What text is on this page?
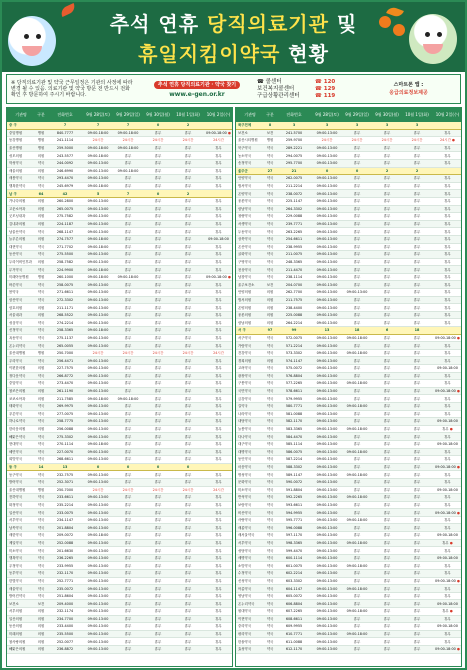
추석 연휴 당직의료기관 및
휴일지킴이약국 현황
※ 당직의료기관 및 약국 근무일정은 기관의 사정에 따라 변경 될 수 있음. 의료기관 및 약국 방문 전 반드시 전화 확인 후 방문하여 주시기 바랍니다.
추석 연휴 당직의료기관 · 약국 찾기
www.e-gen.or.kr
☎ 콜센터	☎ 120
보건복지콜센터	☎ 129
구급상황관리센터	☎ 119
스마트폰 앱 :
응급의료정보제공
기관명	구분	전화번호	9월 28일(토)	9월 29일(일)	9월 30일(월)	10월 1일(화)	10월 2일(수)
중 구	7	7	7	0	2
중앙병원	병원	840-7777	09:00-18:00	09:00-18:00	휴무	휴무	09:00-18:00 ●
동강병원	병원	241-1114	24시간	24시간	24시간	24시간	24시간
울산병원	병원	259-5000	09:00-18:00	09:00-18:00	휴무	휴무	휴무
성모의원	의원	243-5577	09:00-18:00	휴무	휴무	휴무	휴무
학성약국	약국	244-0092	09:00-13:00	휴무	휴무	휴무	휴무
새울의원	의원	246-6990	09:00-13:00	09:00-18:00	휴무	휴무	휴무
새봄약국	약국	293-4470	09:00-13:00	휴무	휴무	휴무	휴무
행복한약국	약국	245-6979	09:00-18:00	휴무	휴무	휴무	휴무
남 구	64	42	5	7	0	2
가나다의원	의원	260-2800	09:00-13:00	휴무	휴무	휴무	휴무
고운소아과	의원	265-0075	09:00-13:00	휴무	휴무	휴무	휴무
굿모닝내과	의원	275-7582	09:00-13:00	휴무	휴무	휴무	휴무
김내과의원	의원	224-1187	09:00-13:00	휴무	휴무	휴무	휴무
남울산약국	약국	268-1147	09:00-13:00	휴무	휴무	휴무	휴무
늘푸른의원	의원	274-7577	09:00-18:00	휴무	휴무	휴무	09:00-18:00
대현약국	약국	271-7702	09:00-18:00	휴무	휴무	휴무	휴무
동산약국	약국	275-5500	09:00-13:00	휴무	휴무	휴무	휴무
두리이비인후과	의원	258-7582	09:00-13:00	휴무	휴무	휴무	휴무
무거약국	약국	224-9900	09:00-18:00	휴무	휴무	휴무	휴무
미래아동병원	병원	260-1000	09:00-18:00	09:00-18:00	휴무	휴무	09:00-18:00 ●
바른약국	약국	258-0075	09:00-13:00	휴무	휴무	휴무	휴무
봄약국	약국	271-6611	09:00-13:00	휴무	휴무	휴무	휴무
삼산약국	약국	272-3302	09:00-13:00	휴무	휴무	휴무	휴무
삼호의원	의원	211-1171	09:00-13:00	휴무	휴무	휴무	휴무
서울내과	의원	268-5522	09:00-13:00	휴무	휴무	휴무	휴무
성심약국	약국	274-2214	09:00-13:00	휴무	휴무	휴무	휴무
신정약국	약국	258-3365	09:00-18:00	휴무	휴무	휴무	휴무
옥동약국	약국	275-1137	09:00-13:00	휴무	휴무	휴무	휴무
온누리약국	약국	265-0055	09:00-13:00	휴무	휴무	휴무	휴무
울산대병원	병원	250-7000	24시간	24시간	24시간	24시간	24시간
우리약국	약국	256-4471	09:00-13:00	휴무	휴무	휴무	휴무
이편한의원	의원	227-7575	09:00-13:00	휴무	휴무	휴무	휴무
정다운약국	약국	266-8772	09:00-13:00	휴무	휴무	휴무	휴무
중앙약국	약국	273-4470	09:00-13:00	휴무	휴무	휴무	휴무
참조은의원	의원	261-1190	09:00-13:00	휴무	휴무	휴무	휴무
코코소아과	의원	211-7585	09:00-18:00	09:00-18:00	휴무	휴무	휴무
태화약국	약국	269-9975	09:00-13:00	휴무	휴무	휴무	휴무
푸른약국	약국	277-0075	09:00-13:00	휴무	휴무	휴무	휴무
하나로약국	약국	258-7775	09:00-13:00	휴무	휴무	휴무	휴무
한마음의원	의원	256-0088	09:00-13:00	휴무	휴무	휴무	휴무
해맑은약국	약국	275-3302	09:00-13:00	휴무	휴무	휴무	휴무
현대약국	약국	270-1114	09:00-18:00	휴무	휴무	휴무	휴무
혜민약국	약국	227-0070	09:00-13:00	휴무	휴무	휴무	휴무
희망약국	약국	268-6611	09:00-13:00	휴무	휴무	휴무	휴무
동 구	14	13	0	0	0	0
동구약국	약국	232-7575	09:00-13:00	휴무	휴무	휴무	휴무
방어약국	약국	252-3071	09:00-13:00	휴무	휴무	휴무	휴무
울산대병원	병원	250-7000	24시간	24시간	24시간	24시간	24시간
전하약국	약국	233-6611	09:00-13:00	휴무	휴무	휴무	휴무
화정약국	약국	235-2214	09:00-13:00	휴무	휴무	휴무	휴무
일산약국	약국	233-0075	09:00-13:00	휴무	휴무	휴무	휴무
서부약국	약국	234-1147	09:00-13:00	휴무	휴무	휴무	휴무
남목약국	약국	201-8804	09:00-13:00	휴무	휴무	휴무	휴무
새한약국	약국	209-0072	09:00-18:00	휴무	휴무	휴무	휴무
제일약국	약국	252-0088	09:00-13:00	휴무	휴무	휴무	휴무
미소약국	약국	201-6630	09:00-13:00	휴무	휴무	휴무	휴무
행복약국	약국	236-2265	09:00-13:00	휴무	휴무	휴무	휴무
우정약국	약국	233-9955	09:00-13:00	휴무	휴무	휴무	휴무
동부약국	약국	232-1170	09:00-13:00	휴무	휴무	휴무	휴무
한빛약국	약국	252-7771	09:00-13:00	휴무	휴무	휴무	휴무
새울약국	약국	235-0072	09:00-13:00	휴무	휴무	휴무	휴무
방어진약국	약국	251-8604	09:00-13:00	휴무	휴무	휴무	휴무
보건소	보건	209-4000	09:00-13:00	휴무	휴무	휴무	휴무
서부의원	의원	232-1174	09:00-13:00	휴무	휴무	휴무	휴무
일산의원	의원	234-7700	09:00-13:00	휴무	휴무	휴무	휴무
동산의원	의원	233-4400	09:00-13:00	휴무	휴무	휴무	휴무
미래의원	의원	235-5500	09:00-13:00	휴무	휴무	휴무	휴무
참사랑의원	의원	252-0077	09:00-13:00	휴무	휴무	휴무	휴무
해맑은의원	의원	236-8872	09:00-13:00	휴무	휴무	휴무	휴무
기관명	구분	전화번호	9월 28일(토)	9월 29일(일)	9월 30일(월)	10월 1일(화)	10월 2일(수)
북구전체	8	3	3	3	3	3
보건소	보건	241-5700	09:00-13:00	휴무	휴무	휴무	휴무
울산시티병원	병원	259-9700	24시간	24시간	24시간	24시간	24시간 ●
북구약국	약국	289-2221	09:00-13:00	휴무	휴무	휴무	휴무
농소약국	약국	294-0075	09:00-13:00	휴무	휴무	휴무	휴무
송정약국	약국	295-7700	09:00-13:00	휴무	휴무	휴무	휴무
울주군	27	21	0	0	2	2
언양약국	약국	262-0075	09:00-13:00	휴무	휴무	휴무	휴무
범서약국	약국	211-2214	09:00-13:00	휴무	휴무	휴무	휴무
온양약국	약국	238-0072	09:00-13:00	휴무	휴무	휴무	휴무
웅촌약국	약국	225-1147	09:00-13:00	휴무	휴무	휴무	휴무
삼남약국	약국	264-3302	09:00-13:00	휴무	휴무	휴무	휴무
청량약국	약국	229-0088	09:00-13:00	휴무	휴무	휴무	휴무
서생약국	약국	239-7771	09:00-13:00	휴무	휴무	휴무	휴무
두동약국	약국	263-2265	09:00-13:00	휴무	휴무	휴무	휴무
상북약국	약국	254-6611	09:00-13:00	휴무	휴무	휴무	휴무
온산약국	약국	238-9955	09:00-13:00	휴무	휴무	휴무	휴무
굴화약국	약국	211-0075	09:00-13:00	휴무	휴무	휴무	휴무
구영약국	약국	248-3365	09:00-13:00	휴무	휴무	휴무	휴무
천상약국	약국	211-4470	09:00-13:00	휴무	휴무	휴무	휴무
남창약국	약국	238-1114	09:00-13:00	휴무	휴무	휴무	휴무
울주보건소	보건	204-0700	09:00-13:00	휴무	휴무	휴무	휴무
언양의원	의원	262-7700	09:00-13:00	09:00-13:00	휴무	휴무	휴무
범서의원	의원	211-7575	09:00-13:00	휴무	휴무	휴무	휴무
온양의원	의원	238-4400	09:00-13:00	휴무	휴무	휴무	휴무
웅촌의원	의원	225-0088	09:00-13:00	휴무	휴무	휴무	휴무
삼남의원	의원	264-2214	09:00-13:00	휴무	휴무	휴무	휴무
서 구	97	99	13	18	6	18
서구약국	약국	572-0075	09:00-13:00	09:00-18:00	휴무	휴무	09:00-18:00 ●
가람약국	약국	571-2214	09:00-13:00	휴무	휴무	휴무	휴무
건강약국	약국	573-3302	09:00-13:00	09:00-18:00	휴무	휴무	휴무
경희의원	의원	574-1147	09:00-13:00	휴무	휴무	휴무	휴무
고려약국	약국	575-0072	09:00-13:00	휴무	휴무	휴무	09:00-18:00
광장약국	약국	576-8804	09:00-13:00	휴무	휴무	휴무	휴무
구봉약국	약국	577-2265	09:00-13:00	09:00-18:00	휴무	휴무	휴무
국민약국	약국	578-6611	09:00-13:00	휴무	휴무	휴무	09:00-18:00 ●
금강약국	약국	579-9955	09:00-13:00	휴무	휴무	휴무	휴무
길약국	약국	580-7771	09:00-13:00	09:00-18:00	휴무	휴무	휴무
나라약국	약국	581-0088	09:00-13:00	휴무	휴무	휴무	휴무
내당약국	약국	582-1170	09:00-13:00	휴무	휴무	휴무	09:00-18:00
늘봄약국	약국	583-3365	09:00-13:00	09:00-18:00	휴무	휴무	휴무 ●
다나약국	약국	584-4470	09:00-13:00	휴무	휴무	휴무	휴무
대구약국	약국	585-1114	09:00-13:00	휴무	휴무	휴무	09:00-18:00
대명약국	약국	586-0075	09:00-13:00	09:00-18:00	휴무	휴무	휴무
동인약국	약국	587-2214	09:00-13:00	휴무	휴무	휴무	휴무
마음약국	약국	588-3302	09:00-13:00	휴무	휴무	휴무	09:00-18:00 ●
명성약국	약국	589-1147	09:00-13:00	09:00-18:00	휴무	휴무	휴무
문화약국	약국	590-0072	09:00-13:00	휴무	휴무	휴무	휴무
미소약국	약국	591-8804	09:00-13:00	휴무	휴무	휴무	09:00-18:00
반석약국	약국	592-2265	09:00-13:00	09:00-18:00	휴무	휴무	휴무
보람약국	약국	593-6611	09:00-13:00	휴무	휴무	휴무	휴무
비산약국	약국	594-9955	09:00-13:00	휴무	휴무	휴무	09:00-18:00 ●
사랑약국	약국	595-7771	09:00-13:00	09:00-18:00	휴무	휴무	휴무
새롬약국	약국	596-0088	09:00-13:00	휴무	휴무	휴무	휴무
새서울약국	약국	597-1170	09:00-13:00	휴무	휴무	휴무	09:00-18:00
서부약국	약국	598-3365	09:00-13:00	09:00-18:00	휴무	휴무	휴무 ●
성당약국	약국	599-4470	09:00-13:00	휴무	휴무	휴무	휴무
세명약국	약국	600-1114	09:00-13:00	휴무	휴무	휴무	09:00-18:00
소망약국	약국	601-0075	09:00-13:00	09:00-18:00	휴무	휴무	휴무
수정약국	약국	602-2214	09:00-13:00	휴무	휴무	휴무	휴무
신성약국	약국	603-3302	09:00-13:00	휴무	휴무	휴무	09:00-18:00 ●
아름약국	약국	604-1147	09:00-13:00	09:00-18:00	휴무	휴무	휴무
영남약국	약국	605-0072	09:00-13:00	휴무	휴무	휴무	휴무
온누리약국	약국	606-8804	09:00-13:00	휴무	휴무	휴무	09:00-18:00
원대약국	약국	607-2265	09:00-13:00	09:00-18:00	휴무	휴무	휴무 ●
이현약국	약국	608-6611	09:00-13:00	휴무	휴무	휴무	휴무
중리약국	약국	609-9955	09:00-13:00	휴무	휴무	휴무	09:00-18:00
평리약국	약국	610-7771	09:00-13:00	09:00-18:00	휴무	휴무	휴무
한솔약국	약국	611-0088	09:00-13:00	휴무	휴무	휴무	휴무
효성약국	약국	612-1170	09:00-13:00	휴무	휴무	휴무	09:00-18:00 ●
